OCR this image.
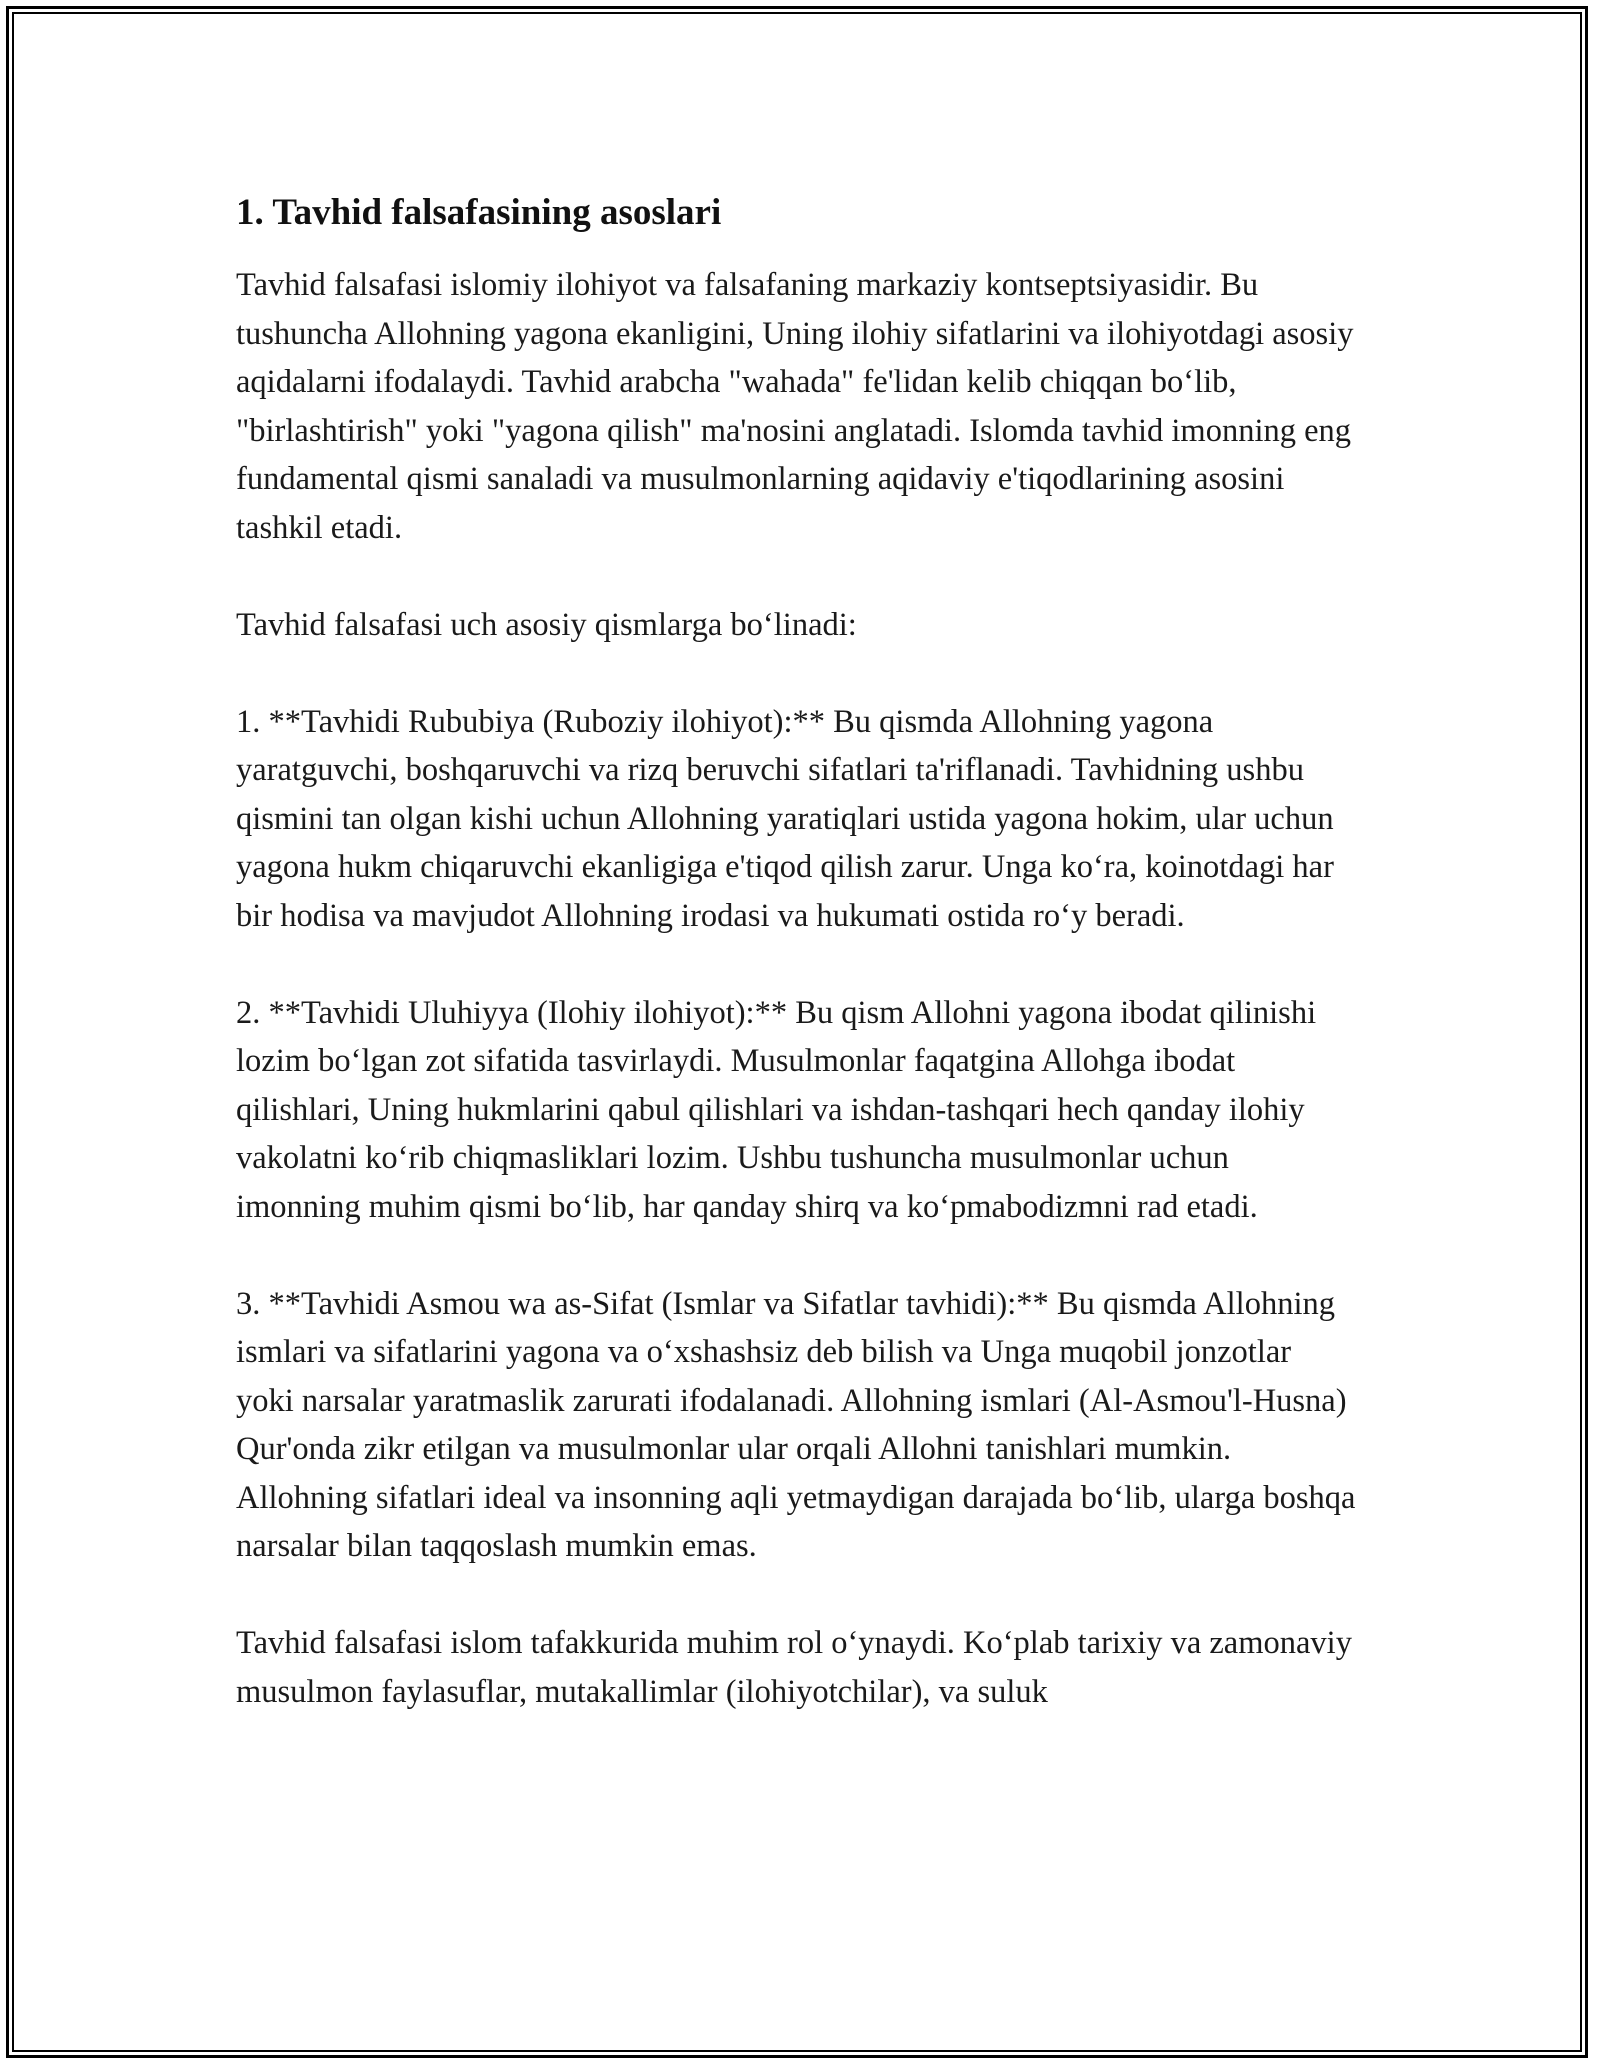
1. Tavhid falsafasining asoslari

Tavhid falsafasi islomiy ilohiyot va falsafaning markaziy kontseptsiyasidir. Bu tushuncha Allohning yagona ekanligini, Uning ilohiy sifatlarini va ilohiyotdagi asosiy aqidalarni ifodalaydi. Tavhid arabcha "wahada" fe'lidan kelib chiqqan bo‘lib, "birlashtirish" yoki "yagona qilish" ma'nosini anglatadi. Islomda tavhid imonning eng fundamental qismi sanaladi va musulmonlarning aqidaviy e'tiqodlarining asosini tashkil etadi.

Tavhid falsafasi uch asosiy qismlarga bo‘linadi:

1. **Tavhidi Rububiya (Ruboziy ilohiyot):** Bu qismda Allohning yagona yaratguvchi, boshqaruvchi va rizq beruvchi sifatlari ta'riflanadi. Tavhidning ushbu qismini tan olgan kishi uchun Allohning yaratiqlari ustida yagona hokim, ular uchun yagona hukm chiqaruvchi ekanligiga e'tiqod qilish zarur. Unga ko‘ra, koinotdagi har bir hodisa va mavjudot Allohning irodasi va hukumati ostida ro‘y beradi.

2. **Tavhidi Uluhiyya (Ilohiy ilohiyot):** Bu qism Allohni yagona ibodat qilinishi lozim bo‘lgan zot sifatida tasvirlaydi. Musulmonlar faqatgina Allohga ibodat qilishlari, Uning hukmlarini qabul qilishlari va ishdan-tashqari hech qanday ilohiy vakolatni ko‘rib chiqmasliklari lozim. Ushbu tushuncha musulmonlar uchun imonning muhim qismi bo‘lib, har qanday shirq va ko‘pmabodizmni rad etadi.

3. **Tavhidi Asmou wa as-Sifat (Ismlar va Sifatlar tavhidi):** Bu qismda Allohning ismlari va sifatlarini yagona va o‘xshashsiz deb bilish va Unga muqobil jonzotlar yoki narsalar yaratmaslik zarurati ifodalanadi. Allohning ismlari (Al-Asmou'l-Husna) Qur'onda zikr etilgan va musulmonlar ular orqali Allohni tanishlari mumkin. Allohning sifatlari ideal va insonning aqli yetmaydigan darajada bo‘lib, ularga boshqa narsalar bilan taqqoslash mumkin emas.

Tavhid falsafasi islom tafakkurida muhim rol o‘ynaydi. Ko‘plab tarixiy va zamonaviy musulmon faylasuflar, mutakallimlar (ilohiyotchilar), va suluk
